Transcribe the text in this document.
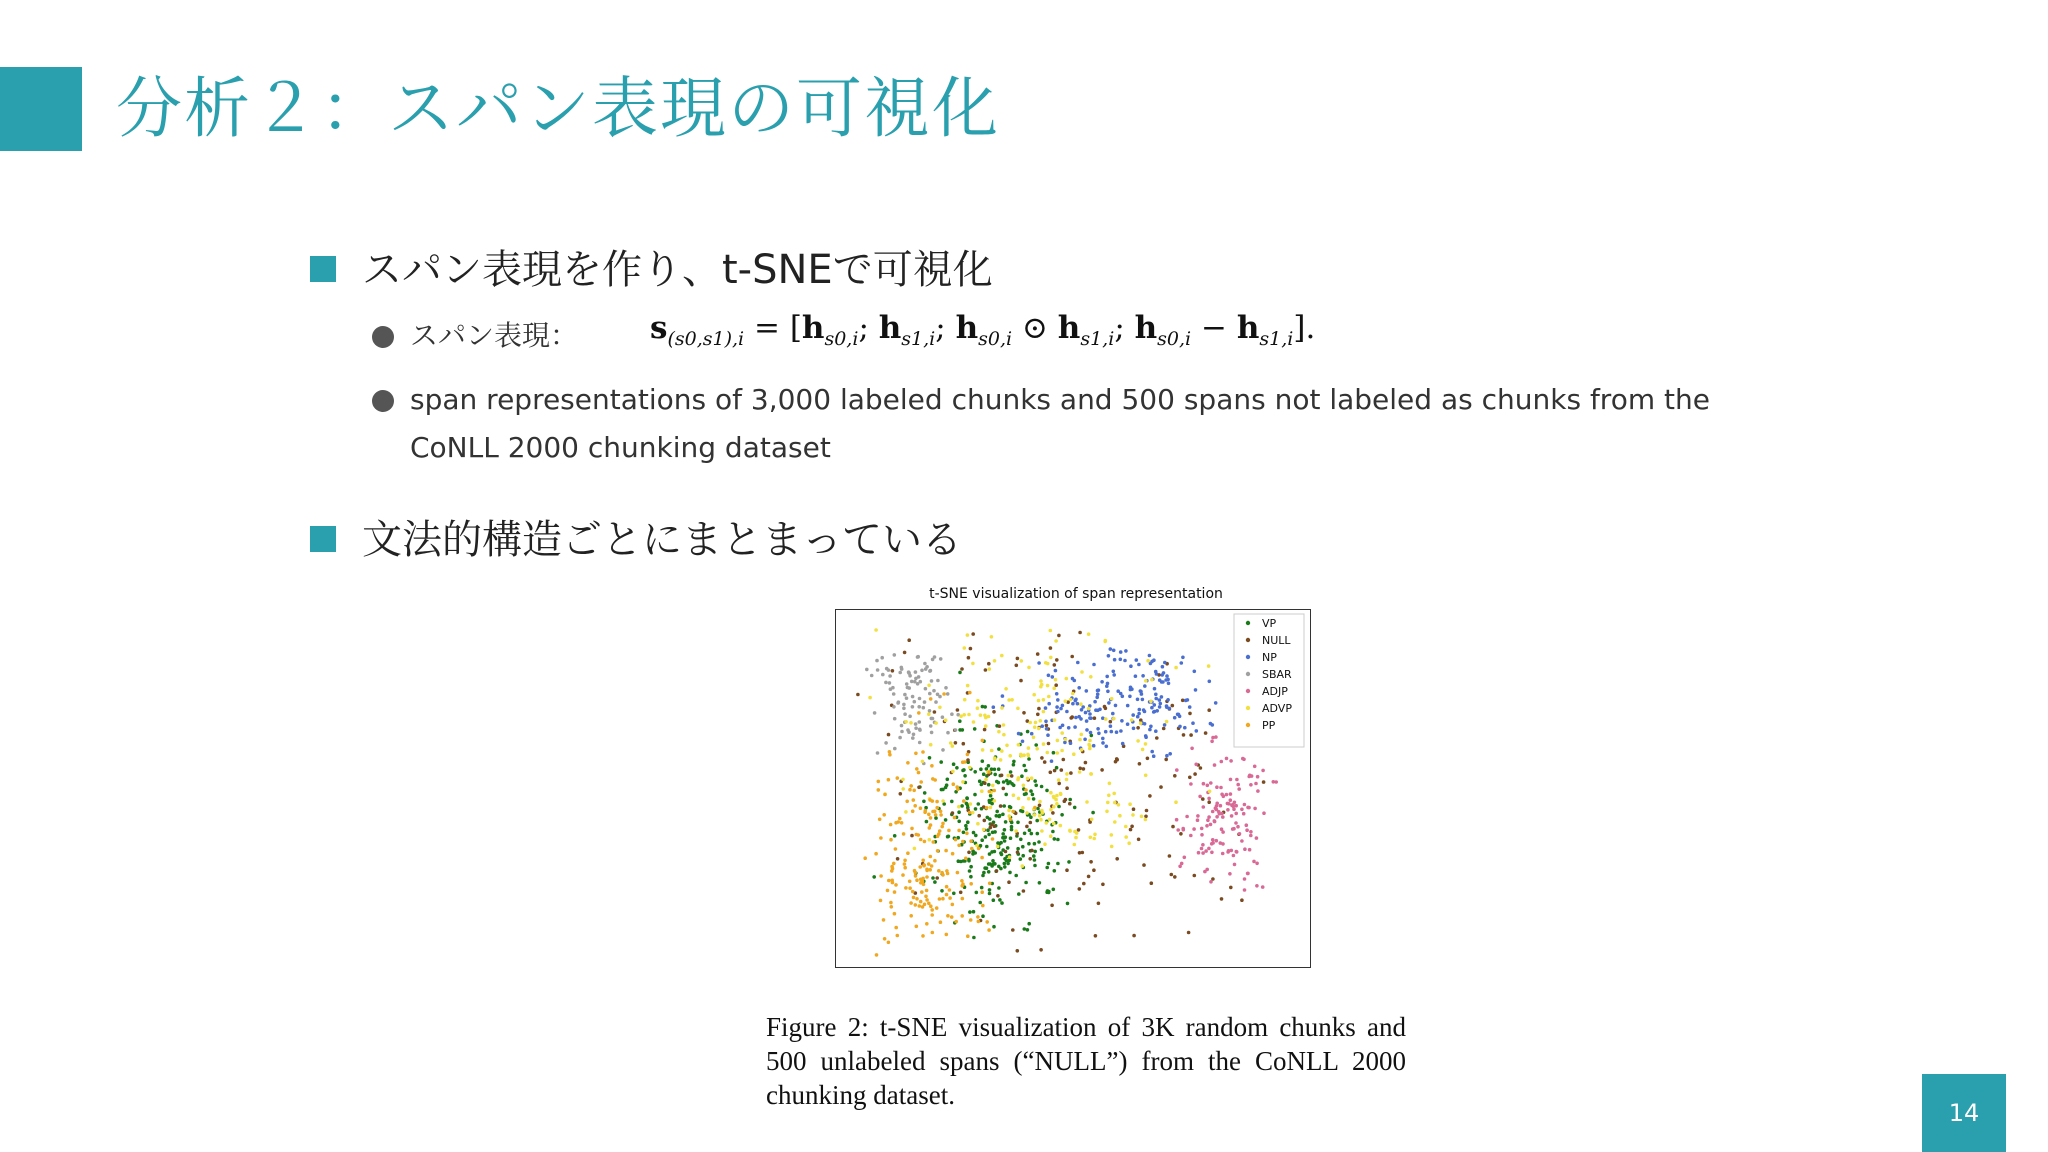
分析２：スパン表現の可視化
スパン表現を作り、t-SNEで可視化
スパン表現：	$s_{(s0,s1),i} = [h_{s0,i}$; $h_{s1,i}$; $h_{s0,i}$ ⊙ $h_{s1,i}$; $h_{s0,i} - h_{s1,i}$].
span representations of 3,000 labeled chunks and 500 spans not labeled as chunks from the CoNLL 2000 chunking dataset
文法的構造ごとにまとまっている
t-SNE visualization of span representation
VP
NULL
NP
SBAR
ADJP
ADVP
PP
Figure 2: t-SNE visualization of 3K random chunks and 500 unlabeled spans (“NULL”) from the CoNLL 2000 chunking dataset.
14
